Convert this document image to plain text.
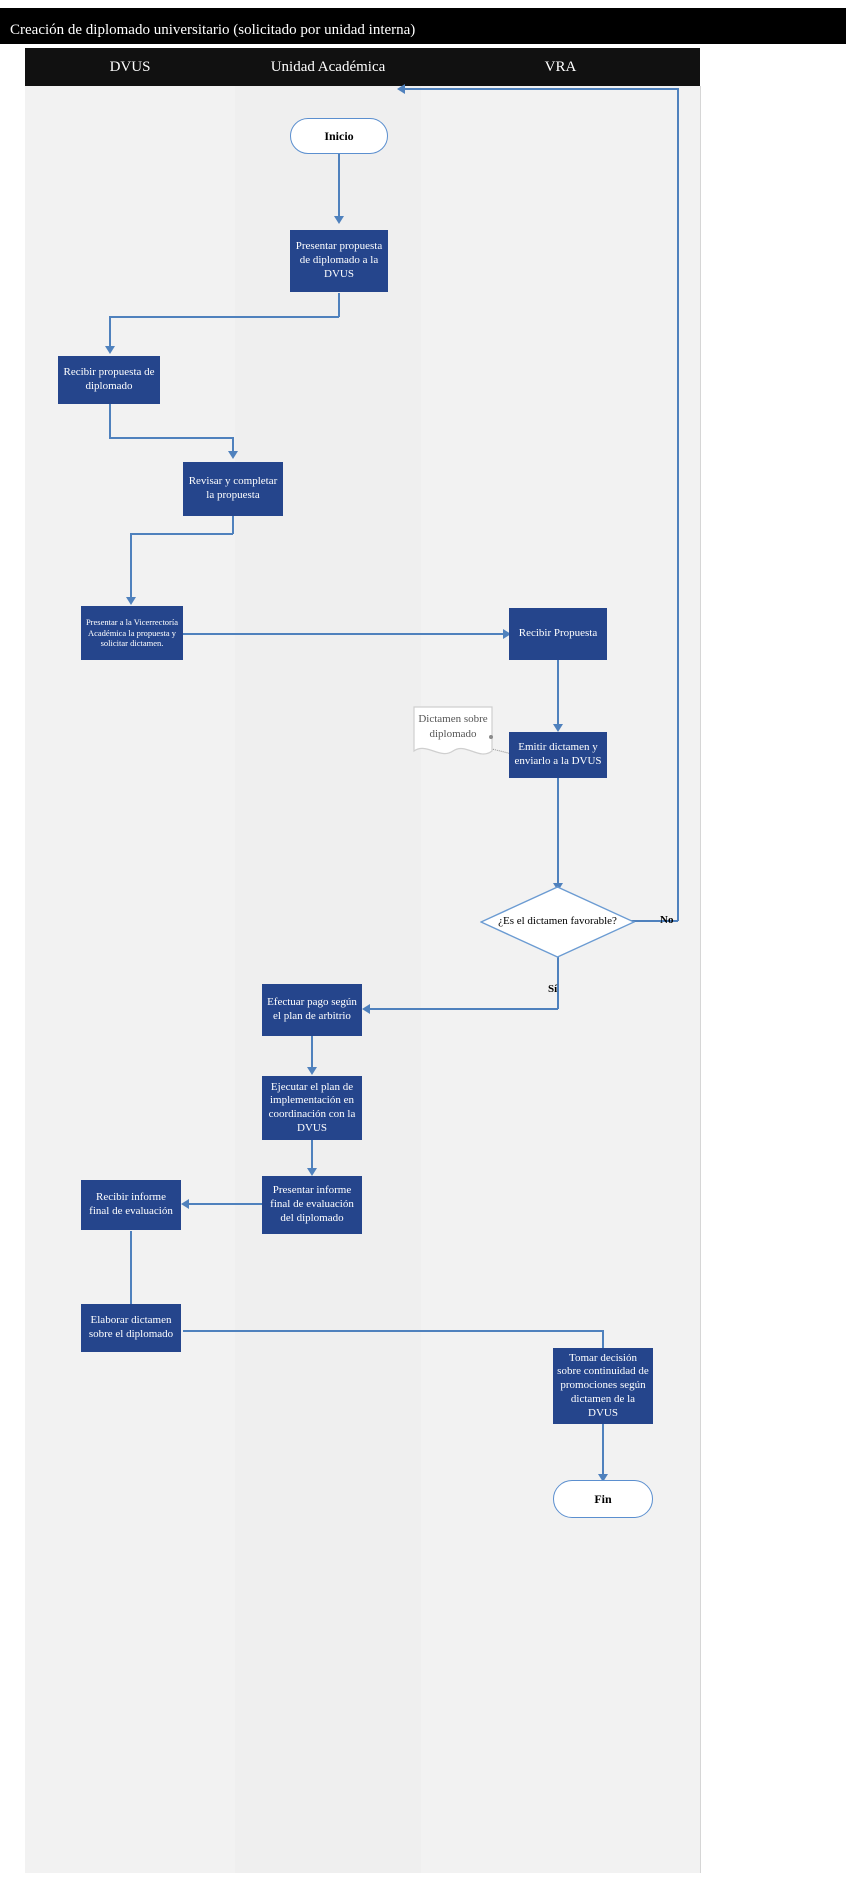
Creación de diplomado universitario (solicitado por unidad interna)
DVUS	Unidad Académica	VRA
Inicio
Presentar propuesta de diplomado a la DVUS
Recibir propuesta de diplomado
Revisar y completar la propuesta
Presentar a la Vicerrectoría Académica la propuesta y solicitar dictamen.
Recibir Propuesta
Emitir dictamen y enviarlo a la DVUS
Dictamen sobre diplomado
¿Es el dictamen favorable?	No
Sí
Efectuar pago según el plan de arbitrio
Ejecutar el plan de implementación en coordinación con la DVUS
Presentar informe final de evaluación del diplomado
Recibir informe final de evaluación
Elaborar dictamen sobre el diplomado
Tomar decisión sobre continuidad de promociones según dictamen de la DVUS
Fin
